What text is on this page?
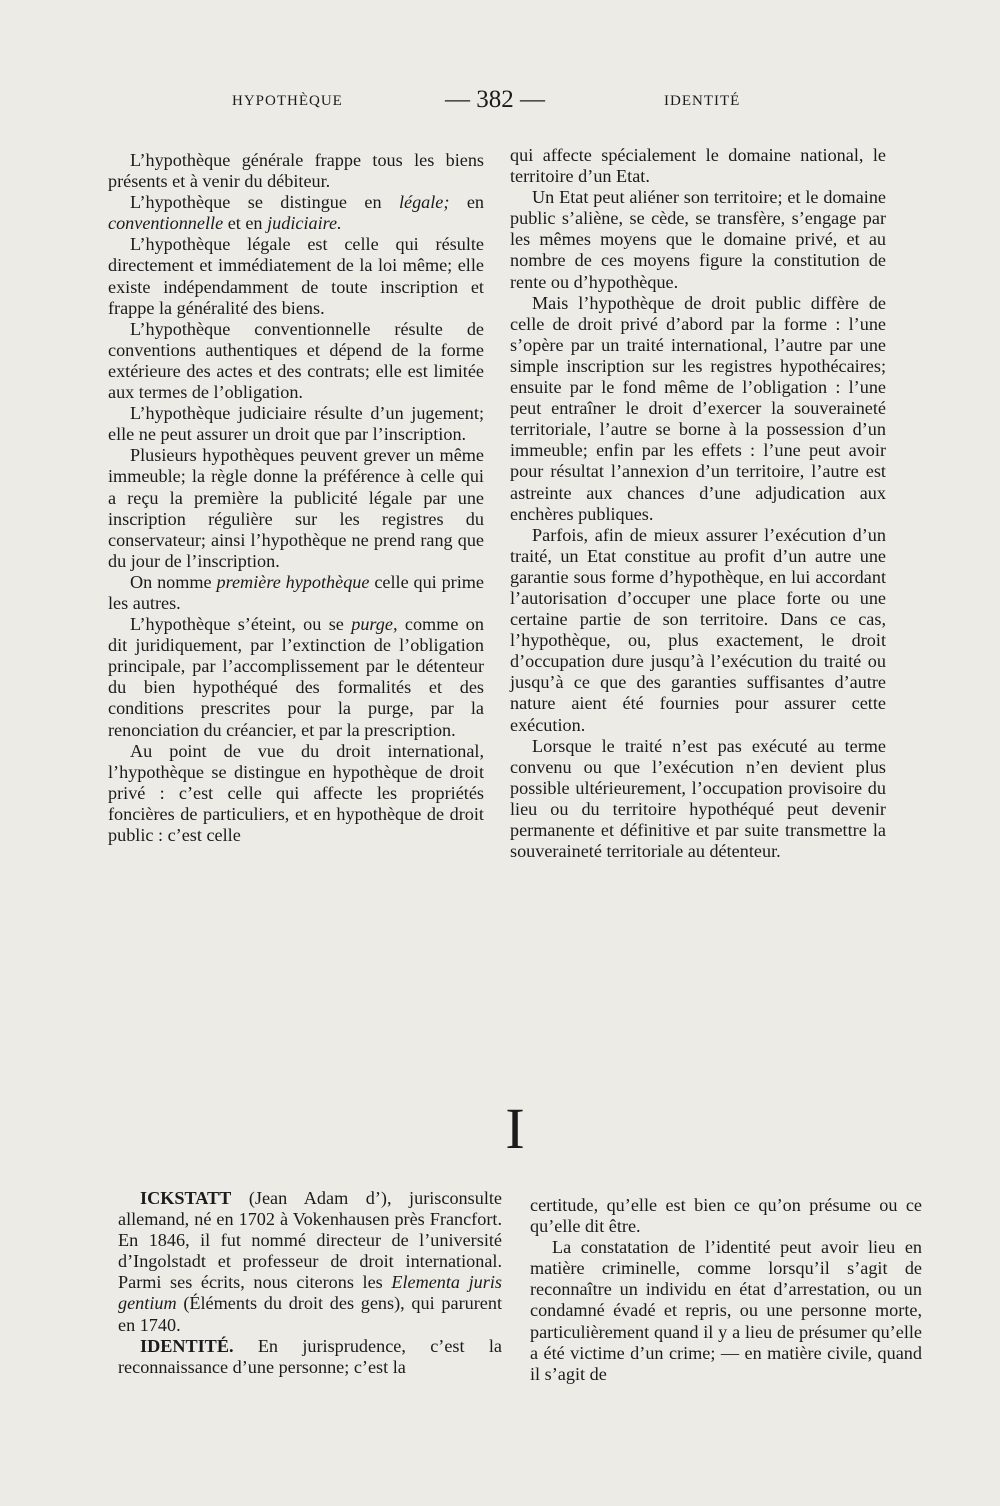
HYPOTHÈQUE	— 382 —	IDENTITÉ

L’hypothèque générale frappe tous les biens présents et à venir du débiteur.

L’hypothèque se distingue en légale; en conventionnelle et en judiciaire.

L’hypothèque légale est celle qui résulte directement et immédiatement de la loi même; elle existe indépendamment de toute inscription et frappe la généralité des biens.

L’hypothèque conventionnelle résulte de conventions authentiques et dépend de la forme extérieure des actes et des contrats; elle est limitée aux termes de l’obligation.

L’hypothèque judiciaire résulte d’un jugement; elle ne peut assurer un droit que par l’inscription.

Plusieurs hypothèques peuvent grever un même immeuble; la règle donne la préférence à celle qui a reçu la première la publicité légale par une inscription régulière sur les registres du conservateur; ainsi l’hypothèque ne prend rang que du jour de l’inscription.

On nomme première hypothèque celle qui prime les autres.

L’hypothèque s’éteint, ou se purge, comme on dit juridiquement, par l’extinction de l’obligation principale, par l’accomplissement par le détenteur du bien hypothéqué des formalités et des conditions prescrites pour la purge, par la renonciation du créancier, et par la prescription.

Au point de vue du droit international, l’hypothèque se distingue en hypothèque de droit privé : c’est celle qui affecte les propriétés foncières de particuliers, et en hypothèque de droit public : c’est celle

qui affecte spécialement le domaine national, le territoire d’un Etat.

Un Etat peut aliéner son territoire; et le domaine public s’aliène, se cède, se transfère, s’engage par les mêmes moyens que le domaine privé, et au nombre de ces moyens figure la constitution de rente ou d’hypothèque.

Mais l’hypothèque de droit public diffère de celle de droit privé d’abord par la forme : l’une s’opère par un traité international, l’autre par une simple inscription sur les registres hypothécaires; ensuite par le fond même de l’obligation : l’une peut entraîner le droit d’exercer la souveraineté territoriale, l’autre se borne à la possession d’un immeuble; enfin par les effets : l’une peut avoir pour résultat l’annexion d’un territoire, l’autre est astreinte aux chances d’une adjudication aux enchères publiques.

Parfois, afin de mieux assurer l’exécution d’un traité, un Etat constitue au profit d’un autre une garantie sous forme d’hypothèque, en lui accordant l’autorisation d’occuper une place forte ou une certaine partie de son territoire. Dans ce cas, l’hypothèque, ou, plus exactement, le droit d’occupation dure jusqu’à l’exécution du traité ou jusqu’à ce que des garanties suffisantes d’autre nature aient été fournies pour assurer cette exécution.

Lorsque le traité n’est pas exécuté au terme convenu ou que l’exécution n’en devient plus possible ultérieurement, l’occupation provisoire du lieu ou du territoire hypothéqué peut devenir permanente et définitive et par suite transmettre la souveraineté territoriale au détenteur.

I

ICKSTATT (Jean Adam d’), jurisconsulte allemand, né en 1702 à Vokenhausen près Francfort. En 1846, il fut nommé directeur de l’université d’Ingolstadt et professeur de droit international. Parmi ses écrits, nous citerons les Elementa juris gentium (Éléments du droit des gens), qui parurent en 1740.

IDENTITÉ. En jurisprudence, c’est la reconnaissance d’une personne; c’est la

certitude, qu’elle est bien ce qu’on présume ou ce qu’elle dit être.

La constatation de l’identité peut avoir lieu en matière criminelle, comme lorsqu’il s’agit de reconnaître un individu en état d’arrestation, ou un condamné évadé et repris, ou une personne morte, particulièrement quand il y a lieu de présumer qu’elle a été victime d’un crime; — en matière civile, quand il s’agit de
